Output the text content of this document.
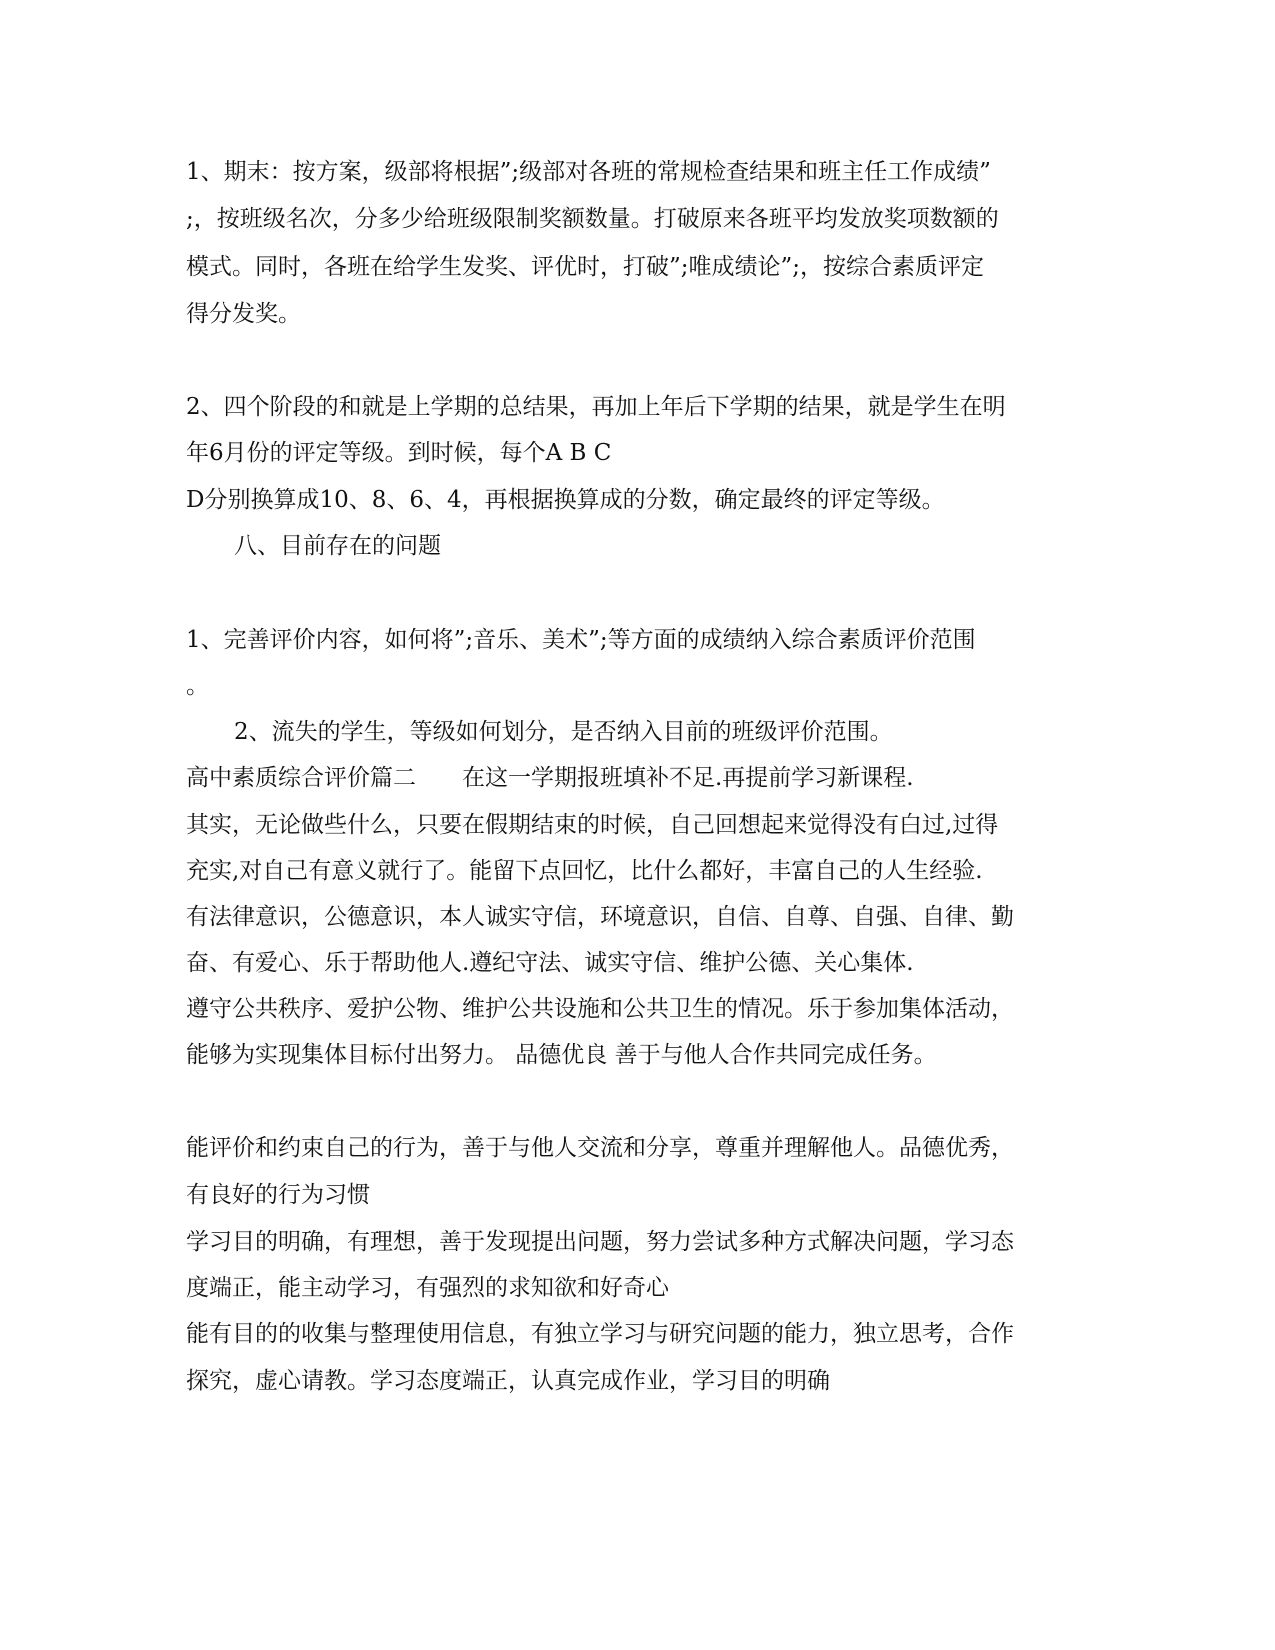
1、期末：按方案，级部将根据”;级部对各班的常规检查结果和班主任工作成绩”
;，按班级名次，分多少给班级限制奖额数量。打破原来各班平均发放奖项数额的
模式。同时，各班在给学生发奖、评优时，打破”;唯成绩论”;，按综合素质评定
得分发奖。
2、四个阶段的和就是上学期的总结果，再加上年后下学期的结果，就是学生在明
年6月份的评定等级。到时候，每个A B C
D分别换算成10、8、6、4，再根据换算成的分数，确定最终的评定等级。
八、目前存在的问题
1、完善评价内容，如何将”;音乐、美术”;等方面的成绩纳入综合素质评价范围
。
2、流失的学生，等级如何划分，是否纳入目前的班级评价范围。
高中素质综合评价篇二　　在这一学期报班填补不足.再提前学习新课程.
其实，无论做些什么，只要在假期结束的时候，自己回想起来觉得没有白过,过得
充实,对自己有意义就行了。能留下点回忆，比什么都好，丰富自己的人生经验.
有法律意识，公德意识，本人诚实守信，环境意识，自信、自尊、自强、自律、勤
奋、有爱心、乐于帮助他人.遵纪守法、诚实守信、维护公德、关心集体.
遵守公共秩序、爱护公物、维护公共设施和公共卫生的情况。乐于参加集体活动，
能够为实现集体目标付出努力。 品德优良 善于与他人合作共同完成任务。
能评价和约束自己的行为，善于与他人交流和分享，尊重并理解他人。品德优秀，
有良好的行为习惯
学习目的明确，有理想，善于发现提出问题，努力尝试多种方式解决问题，学习态
度端正，能主动学习，有强烈的求知欲和好奇心
能有目的的收集与整理使用信息，有独立学习与研究问题的能力，独立思考，合作
探究，虚心请教。学习态度端正，认真完成作业，学习目的明确
